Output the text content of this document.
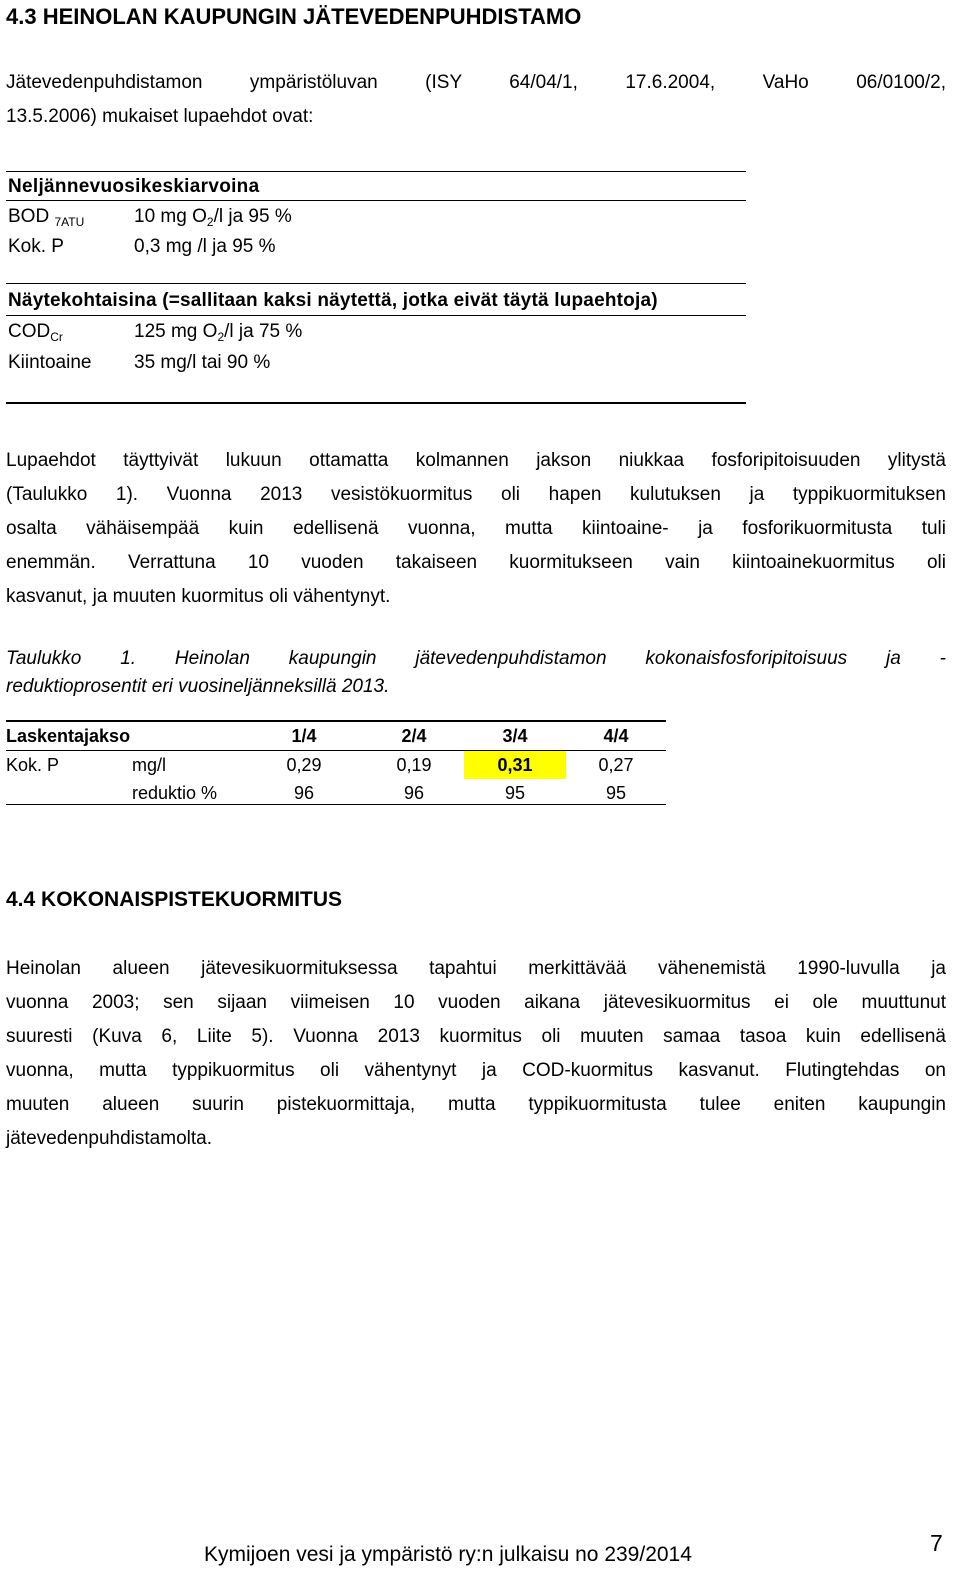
4.3 HEINOLAN KAUPUNGIN JÄTEVEDENPUHDISTAMO
Jätevedenpuhdistamon ympäristöluvan (ISY 64/04/1, 17.6.2004, VaHo 06/0100/2,
13.5.2006) mukaiset lupaehdot ovat:
Neljännevuosikeskiarvoina
BOD $_{7ATU}$	10 mg $O_2/l$ ja 95 %
Kok. P	0,3 mg /l ja 95 %
Näytekohtaisina (=sallitaan kaksi näytettä, jotka eivät täytä lupaehtoja)
$COD_{Cr}$	125 mg $O_2/l$ ja 75 %
Kiintoaine 35 mg/l tai 90 %
Lupaehdot täyttyivät lukuun ottamatta kolmannen jakson niukkaa fosforipitoisuuden ylitystä
(Taulukko 1). Vuonna 2013 vesistökuormitus oli hapen kulutuksen ja typpikuormituksen
osalta vähäisempää kuin edellisenä vuonna, mutta kiintoaine- ja fosforikuormitusta tuli
enemmän. Verrattuna 10 vuoden takaiseen kuormitukseen vain kiintoainekuormitus oli
kasvanut, ja muuten kuormitus oli vähentynyt.
Taulukko 1. Heinolan kaupungin jätevedenpuhdistamon kokonaisfosforipitoisuus ja -
reduktioprosentit eri vuosineljänneksillä 2013.
Laskentajakso		1/4	2/4	3/4	4/4
Kok. P	mg/l	0,29	0,19	0,31	0,27
	reduktio %	96	96	95	95
4.4 KOKONAISPISTEKUORMITUS
Heinolan alueen jätevesikuormituksessa tapahtui merkittävää vähenemistä 1990-luvulla ja
vuonna 2003; sen sijaan viimeisen 10 vuoden aikana jätevesikuormitus ei ole muuttunut
suuresti (Kuva 6, Liite 5). Vuonna 2013 kuormitus oli muuten samaa tasoa kuin edellisenä
vuonna, mutta typpikuormitus oli vähentynyt ja COD-kuormitus kasvanut. Flutingtehdas on
muuten alueen suurin pistekuormittaja, mutta typpikuormitusta tulee eniten kaupungin
jätevedenpuhdistamolta.
Kymijoen vesi ja ympäristö ry:n julkaisu no 239/2014	7
